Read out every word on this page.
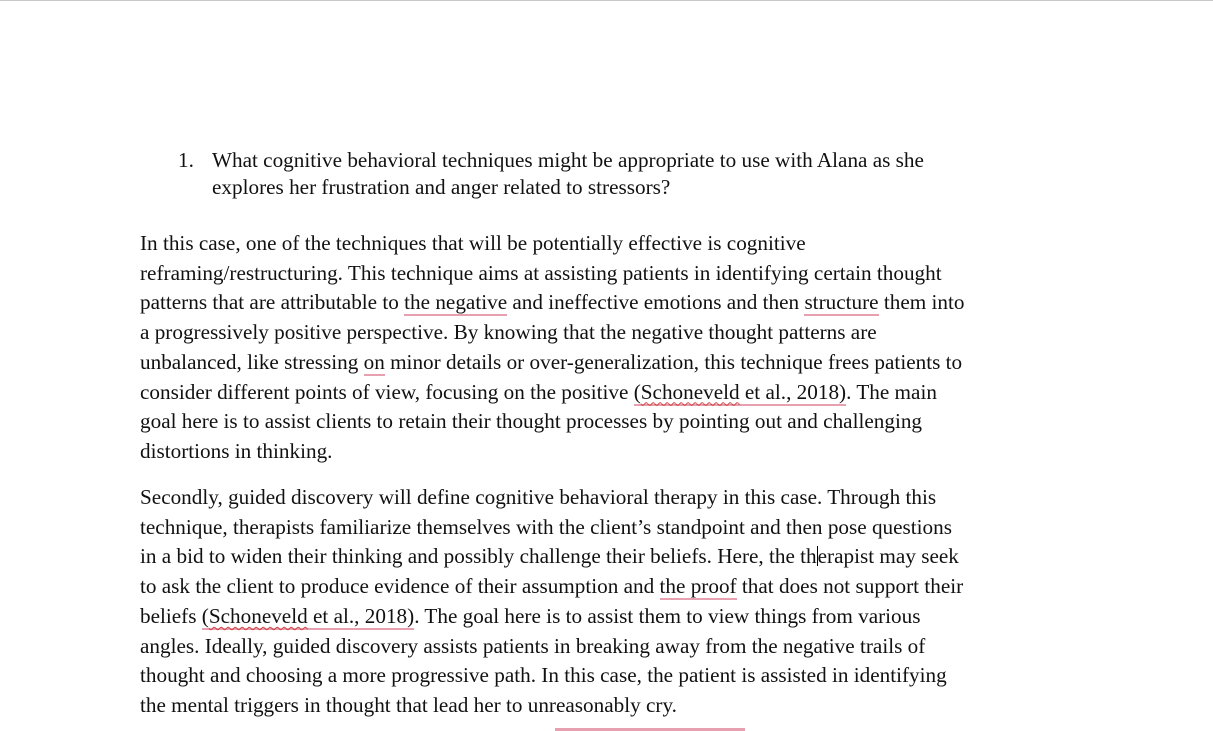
1. What cognitive behavioral techniques might be appropriate to use with Alana as she
explores her frustration and anger related to stressors?
In this case, one of the techniques that will be potentially effective is cognitive
reframing/restructuring. This technique aims at assisting patients in identifying certain thought
patterns that are attributable to the negative and ineffective emotions and then structure them into
a progressively positive perspective. By knowing that the negative thought patterns are
unbalanced, like stressing on minor details or over-generalization, this technique frees patients to
consider different points of view, focusing on the positive (Schoneveld et al., 2018). The main
goal here is to assist clients to retain their thought processes by pointing out and challenging
distortions in thinking.
Secondly, guided discovery will define cognitive behavioral therapy in this case. Through this
technique, therapists familiarize themselves with the client’s standpoint and then pose questions
in a bid to widen their thinking and possibly challenge their beliefs. Here, the therapist may seek
to ask the client to produce evidence of their assumption and the proof that does not support their
beliefs (Schoneveld et al., 2018). The goal here is to assist them to view things from various
angles. Ideally, guided discovery assists patients in breaking away from the negative trails of
thought and choosing a more progressive path. In this case, the patient is assisted in identifying
the mental triggers in thought that lead her to unreasonably cry.
